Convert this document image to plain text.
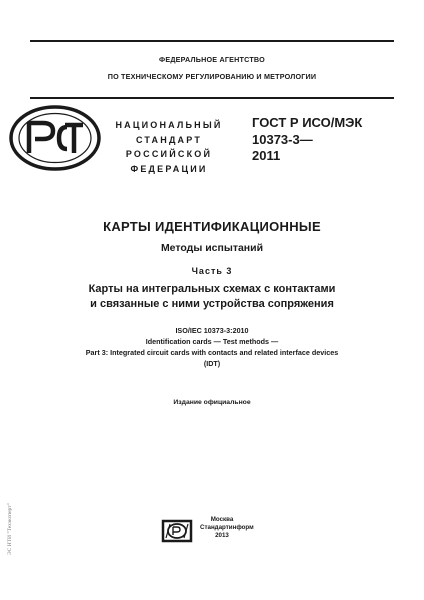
ФЕДЕРАЛЬНОЕ АГЕНТСТВО
ПО ТЕХНИЧЕСКОМУ РЕГУЛИРОВАНИЮ И МЕТРОЛОГИИ
НАЦИОНАЛЬНЫЙ
СТАНДАРТ
РОССИЙСКОЙ
ФЕДЕРАЦИИ
ГОСТ Р ИСО/МЭК
10373-3—
2011
КАРТЫ ИДЕНТИФИКАЦИОННЫЕ
Методы испытаний
Часть 3
Карты на интегральных схемах с контактами
и связанные с ними устройства сопряжения
ISO/IEC 10373-3:2010
Identification cards — Test methods —
Part 3: Integrated circuit cards with contacts and related interface devices
(IDT)
Издание официальное
Москва
Стандартинформ
2013
ЭС НТИ "Техэксперт"
